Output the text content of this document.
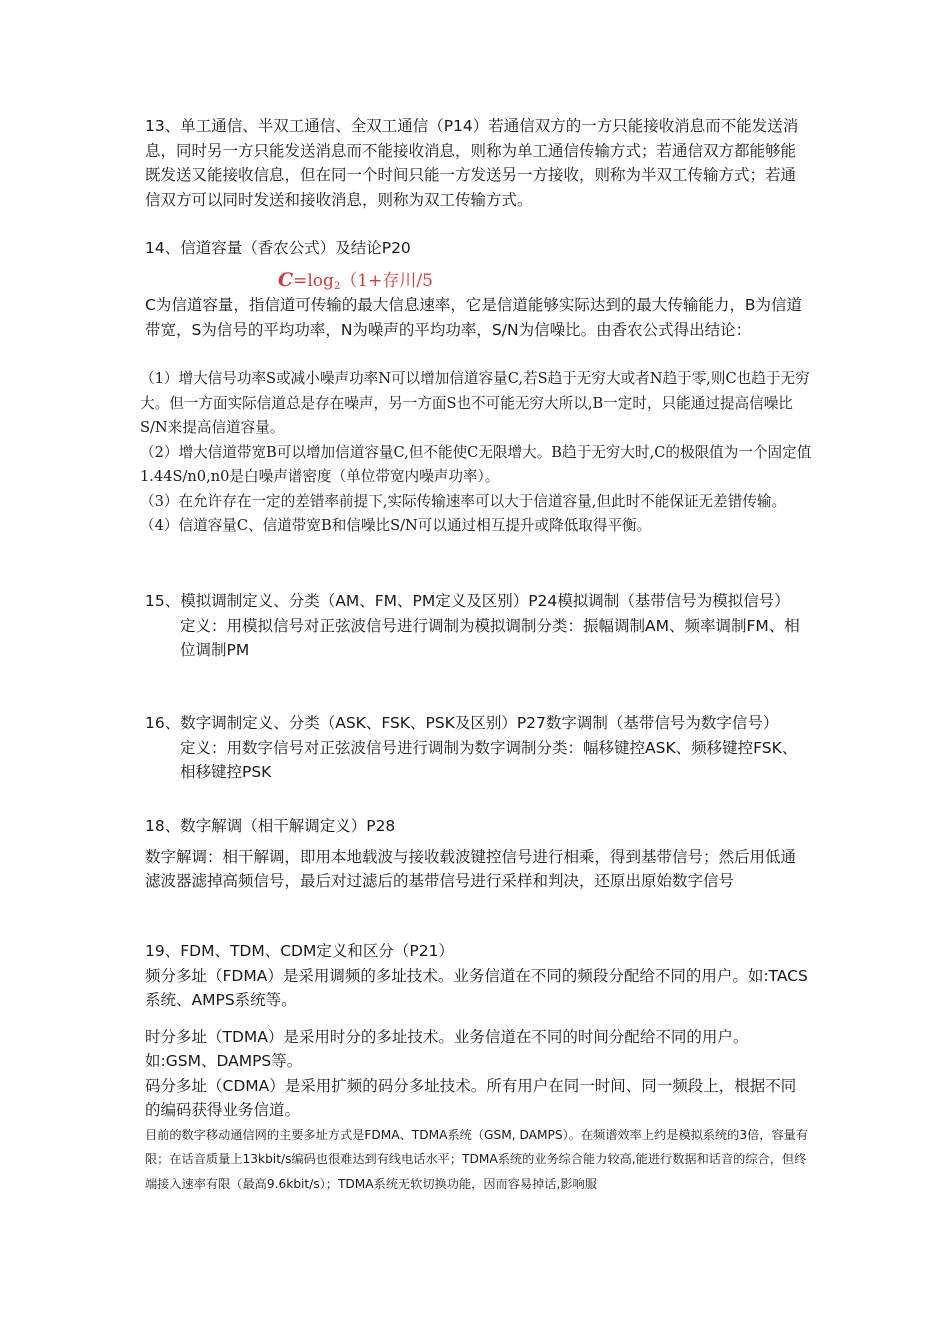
13、单工通信、半双工通信、全双工通信（P14）若通信双方的一方只能接收消息而不能发送消息，同时另一方只能发送消息而不能接收消息，则称为单工通信传输方式；若通信双方都能够能既发送又能接收信息，但在同一个时间只能一方发送另一方接收，则称为半双工传输方式；若通信双方可以同时发送和接收消息，则称为双工传输方式。

14、信道容量（香农公式）及结论P20

$C=\log_2(1+$存川/5

C为信道容量，指信道可传输的最大信息速率，它是信道能够实际达到的最大传输能力，B为信道带宽，S为信号的平均功率，N为噪声的平均功率，S/N为信噪比。由香农公式得出结论：

（1）增大信号功率S或减小噪声功率N可以增加信道容量C,若S趋于无穷大或者N趋于零,则C也趋于无穷大。但一方面实际信道总是存在噪声，另一方面S也不可能无穷大所以,B一定时，只能通过提高信噪比S/N来提高信道容量。

（2）增大信道带宽B可以增加信道容量C,但不能使C无限增大。B趋于无穷大时,C的极限值为一个固定值1.44S/n0,n0是白噪声谱密度（单位带宽内噪声功率）。

（3）在允许存在一定的差错率前提下,实际传输速率可以大于信道容量,但此时不能保证无差错传输。

（4）信道容量C、信道带宽B和信噪比S/N可以通过相互提升或降低取得平衡。

15、模拟调制定义、分类（AM、FM、PM定义及区别）P24模拟调制（基带信号为模拟信号）

定义：用模拟信号对正弦波信号进行调制为模拟调制分类：振幅调制AM、频率调制FM、相位调制PM

16、数字调制定义、分类（ASK、FSK、PSK及区别）P27数字调制（基带信号为数字信号）

定义：用数字信号对正弦波信号进行调制为数字调制分类：幅移键控ASK、频移键控FSK、相移键控PSK

18、数字解调（相干解调定义）P28

数字解调：相干解调，即用本地载波与接收载波键控信号进行相乘，得到基带信号；然后用低通滤波器滤掉高频信号，最后对过滤后的基带信号进行采样和判决，还原出原始数字信号

19、FDM、TDM、CDM定义和区分（P21）

频分多址（FDMA）是采用调频的多址技术。业务信道在不同的频段分配给不同的用户。如:TACS系统、AMPS系统等。

时分多址（TDMA）是采用时分的多址技术。业务信道在不同的时间分配给不同的用户。如:GSM、DAMPS等。

码分多址（CDMA）是采用扩频的码分多址技术。所有用户在同一时间、同一频段上，根据不同的编码获得业务信道。

目前的数字移动通信网的主要多址方式是FDMA、TDMA系统（GSM, DAMPS）。在频谱效率上约是模拟系统的3倍，容量有限；在话音质量上13kbit/s编码也很难达到有线电话水平；TDMA系统的业务综合能力较高,能进行数据和话音的综合，但终端接入速率有限（最高9.6kbit/s）；TDMA系统无软切换功能，因而容易掉话,影响服
